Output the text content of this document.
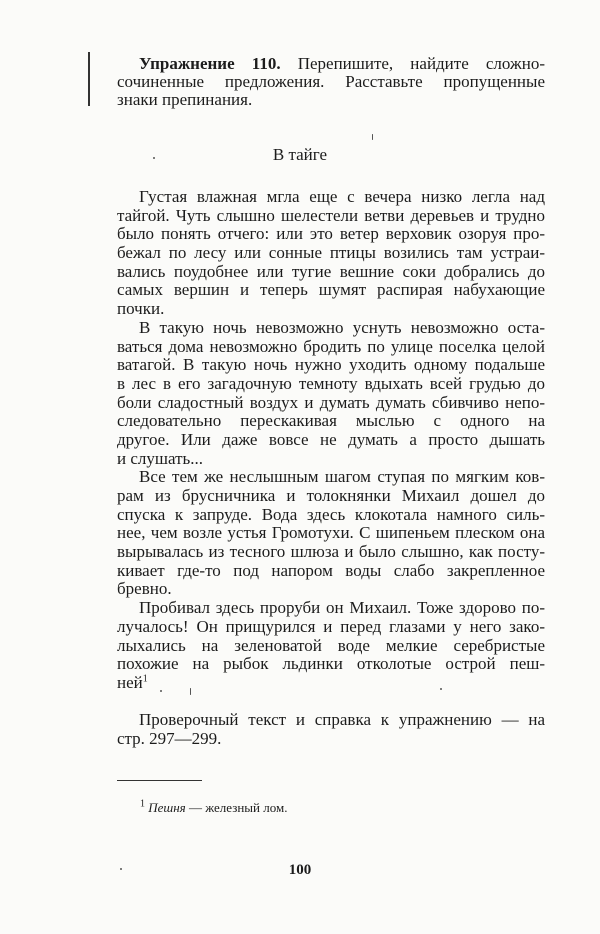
Упражнение 110. Перепишите, найдите сложно-
сочиненные предложения. Расставьте пропущенные
знаки препинания.
В тайге
Густая влажная мгла еще с вечера низко легла над
тайгой. Чуть слышно шелестели ветви деревьев и трудно
было понять отчего: или это ветер верховик озоруя про-
бежал по лесу или сонные птицы возились там устраи-
вались поудобнее или тугие вешние соки добрались до
самых вершин и теперь шумят распирая набухающие
почки.
В такую ночь невозможно уснуть невозможно оста-
ваться дома невозможно бродить по улице поселка целой
ватагой. В такую ночь нужно уходить одному подальше
в лес в его загадочную темноту вдыхать всей грудью до
боли сладостный воздух и думать думать сбивчиво непо-
следовательно перескакивая мыслью с одного на
другое. Или даже вовсе не думать а просто дышать
и слушать...
Все тем же неслышным шагом ступая по мягким ков-
рам из брусничника и толокнянки Михаил дошел до
спуска к запруде. Вода здесь клокотала намного силь-
нее, чем возле устья Громотухи. С шипеньем плеском она
вырывалась из тесного шлюза и было слышно, как посту-
кивает где-то под напором воды слабо закрепленное
бревно.
Пробивал здесь проруби он Михаил. Тоже здорово по-
лучалось! Он прищурился и перед глазами у него зако-
лыхались на зеленоватой воде мелкие серебристые
похожие на рыбок льдинки отколотые острой пеш-
ней$^1$
Проверочный текст и справка к упражнению — на
стр. 297—299.
$^1$ Пешня — железный лом.
100
